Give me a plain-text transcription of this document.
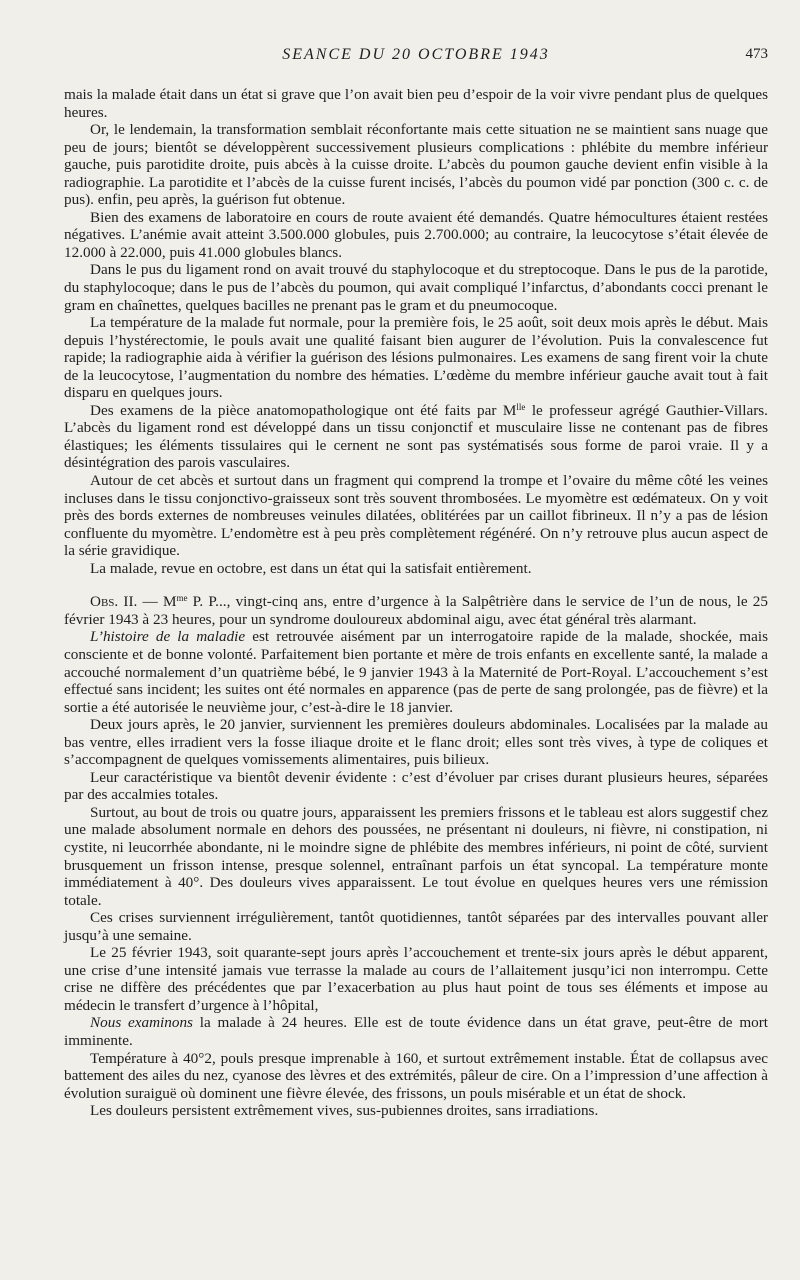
SEANCE DU 20 OCTOBRE 1943	473

mais la malade était dans un état si grave que l’on avait bien peu d’espoir de la voir vivre pendant plus de quelques heures.

Or, le lendemain, la transformation semblait réconfortante mais cette situation ne se maintient sans nuage que peu de jours; bientôt se développèrent successivement plusieurs complications : phlébite du membre inférieur gauche, puis parotidite droite, puis abcès à la cuisse droite. L’abcès du poumon gauche devient enfin visible à la radiographie. La parotidite et l’abcès de la cuisse furent incisés, l’abcès du poumon vidé par ponction (300 c. c. de pus). enfin, peu après, la guérison fut obtenue.

Bien des examens de laboratoire en cours de route avaient été demandés. Quatre hémocultures étaient restées négatives. L’anémie avait atteint 3.500.000 globules, puis 2.700.000; au contraire, la leucocytose s’était élevée de 12.000 à 22.000, puis 41.000 globules blancs.

Dans le pus du ligament rond on avait trouvé du staphylocoque et du streptocoque. Dans le pus de la parotide, du staphylocoque; dans le pus de l’abcès du poumon, qui avait compliqué l’infarctus, d’abondants cocci prenant le gram en chaînettes, quelques bacilles ne prenant pas le gram et du pneumocoque.

La température de la malade fut normale, pour la première fois, le 25 août, soit deux mois après le début. Mais depuis l’hystérectomie, le pouls avait une qualité faisant bien augurer de l’évolution. Puis la convalescence fut rapide; la radiographie aida à vérifier la guérison des lésions pulmonaires. Les examens de sang firent voir la chute de la leucocytose, l’augmentation du nombre des hématies. L’œdème du membre inférieur gauche avait tout à fait disparu en quelques jours.

Des examens de la pièce anatomopathologique ont été faits par $M^{lle}$ le professeur agrégé Gauthier-Villars. L’abcès du ligament rond est développé dans un tissu conjonctif et musculaire lisse ne contenant pas de fibres élastiques; les éléments tissulaires qui le cernent ne sont pas systématisés sous forme de paroi vraie. Il y a désintégration des parois vasculaires.

Autour de cet abcès et surtout dans un fragment qui comprend la trompe et l’ovaire du même côté les veines incluses dans le tissu conjonctivo-graisseux sont très souvent thrombosées. Le myomètre est œdémateux. On y voit près des bords externes de nombreuses veinules dilatées, oblitérées par un caillot fibrineux. Il n’y a pas de lésion confluente du myomètre. L’endomètre est à peu près complètement régénéré. On n’y retrouve plus aucun aspect de la série gravidique.

La malade, revue en octobre, est dans un état qui la satisfait entièrement.

Obs. II. — $M^{me}$ P. P..., vingt-cinq ans, entre d’urgence à la Salpêtrière dans le service de l’un de nous, le 25 février 1943 à 23 heures, pour un syndrome douloureux abdominal aigu, avec état général très alarmant.

L’histoire de la maladie est retrouvée aisément par un interrogatoire rapide de la malade, shockée, mais consciente et de bonne volonté. Parfaitement bien portante et mère de trois enfants en excellente santé, la malade a accouché normalement d’un quatrième bébé, le 9 janvier 1943 à la Maternité de Port-Royal. L’accouchement s’est effectué sans incident; les suites ont été normales en apparence (pas de perte de sang prolongée, pas de fièvre) et la sortie a été autorisée le neuvième jour, c’est-à-dire le 18 janvier.

Deux jours après, le 20 janvier, surviennent les premières douleurs abdominales. Localisées par la malade au bas ventre, elles irradient vers la fosse iliaque droite et le flanc droit; elles sont très vives, à type de coliques et s’accompagnent de quelques vomissements alimentaires, puis bilieux.

Leur caractéristique va bientôt devenir évidente : c’est d’évoluer par crises durant plusieurs heures, séparées par des accalmies totales.

Surtout, au bout de trois ou quatre jours, apparaissent les premiers frissons et le tableau est alors suggestif chez une malade absolument normale en dehors des poussées, ne présentant ni douleurs, ni fièvre, ni constipation, ni cystite, ni leucorrhée abondante, ni le moindre signe de phlébite des membres inférieurs, ni point de côté, survient brusquement un frisson intense, presque solennel, entraînant parfois un état syncopal. La température monte immédiatement à 40°. Des douleurs vives apparaissent. Le tout évolue en quelques heures vers une rémission totale.

Ces crises surviennent irrégulièrement, tantôt quotidiennes, tantôt séparées par des intervalles pouvant aller jusqu’à une semaine.

Le 25 février 1943, soit quarante-sept jours après l’accouchement et trente-six jours après le début apparent, une crise d’une intensité jamais vue terrasse la malade au cours de l’allaitement jusqu’ici non interrompu. Cette crise ne diffère des précédentes que par l’exacerbation au plus haut point de tous ses éléments et impose au médecin le transfert d’urgence à l’hôpital,

Nous examinons la malade à 24 heures. Elle est de toute évidence dans un état grave, peut-être de mort imminente.

Température à 40°2, pouls presque imprenable à 160, et surtout extrêmement instable. État de collapsus avec battement des ailes du nez, cyanose des lèvres et des extrémités, pâleur de cire. On a l’impression d’une affection à évolution suraiguë où dominent une fièvre élevée, des frissons, un pouls misérable et un état de shock.

Les douleurs persistent extrêmement vives, sus-pubiennes droites, sans irradiations.
